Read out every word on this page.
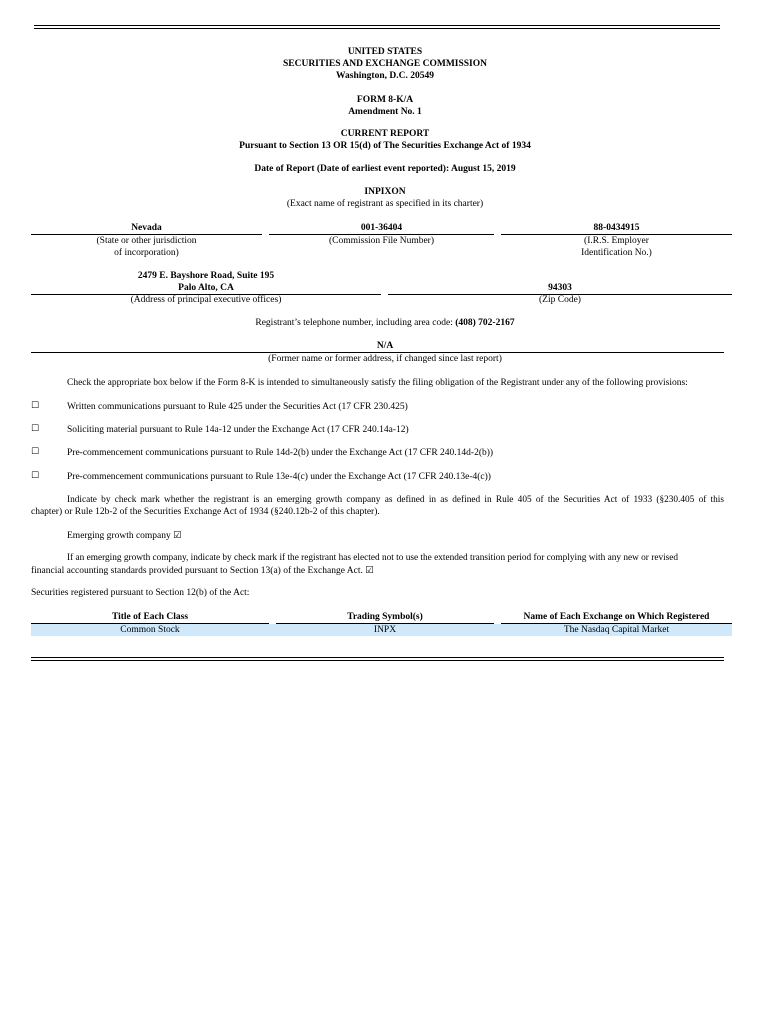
UNITED STATES
SECURITIES AND EXCHANGE COMMISSION
Washington, D.C. 20549
FORM 8-K/A
Amendment No. 1
CURRENT REPORT
Pursuant to Section 13 OR 15(d) of The Securities Exchange Act of 1934
Date of Report (Date of earliest event reported): August 15, 2019
INPIXON
(Exact name of registrant as specified in its charter)
Nevada
(State or other jurisdiction
of incorporation)
001-36404
(Commission File Number)
88-0434915
(I.R.S. Employer
Identification No.)
2479 E. Bayshore Road, Suite 195
Palo Alto, CA
(Address of principal executive offices)
94303
(Zip Code)
Registrant’s telephone number, including area code: (408) 702-2167
N/A
(Former name or former address, if changed since last report)
Check the appropriate box below if the Form 8-K is intended to simultaneously satisfy the filing obligation of the Registrant under any of the following provisions:
☐	Written communications pursuant to Rule 425 under the Securities Act (17 CFR 230.425)
☐	Soliciting material pursuant to Rule 14a-12 under the Exchange Act (17 CFR 240.14a-12)
☐	Pre-commencement communications pursuant to Rule 14d-2(b) under the Exchange Act (17 CFR 240.14d-2(b))
☐	Pre-commencement communications pursuant to Rule 13e-4(c) under the Exchange Act (17 CFR 240.13e-4(c))
Indicate by check mark whether the registrant is an emerging growth company as defined in as defined in Rule 405 of the Securities Act of 1933 (§230.405 of this
chapter) or Rule 12b-2 of the Securities Exchange Act of 1934 (§240.12b-2 of this chapter).
Emerging growth company ☑
If an emerging growth company, indicate by check mark if the registrant has elected not to use the extended transition period for complying with any new or revised
financial accounting standards provided pursuant to Section 13(a) of the Exchange Act. ☑
Securities registered pursuant to Section 12(b) of the Act:
Title of Each Class		Trading Symbol(s)		Name of Each Exchange on Which Registered
Common Stock		INPX		The Nasdaq Capital Market
